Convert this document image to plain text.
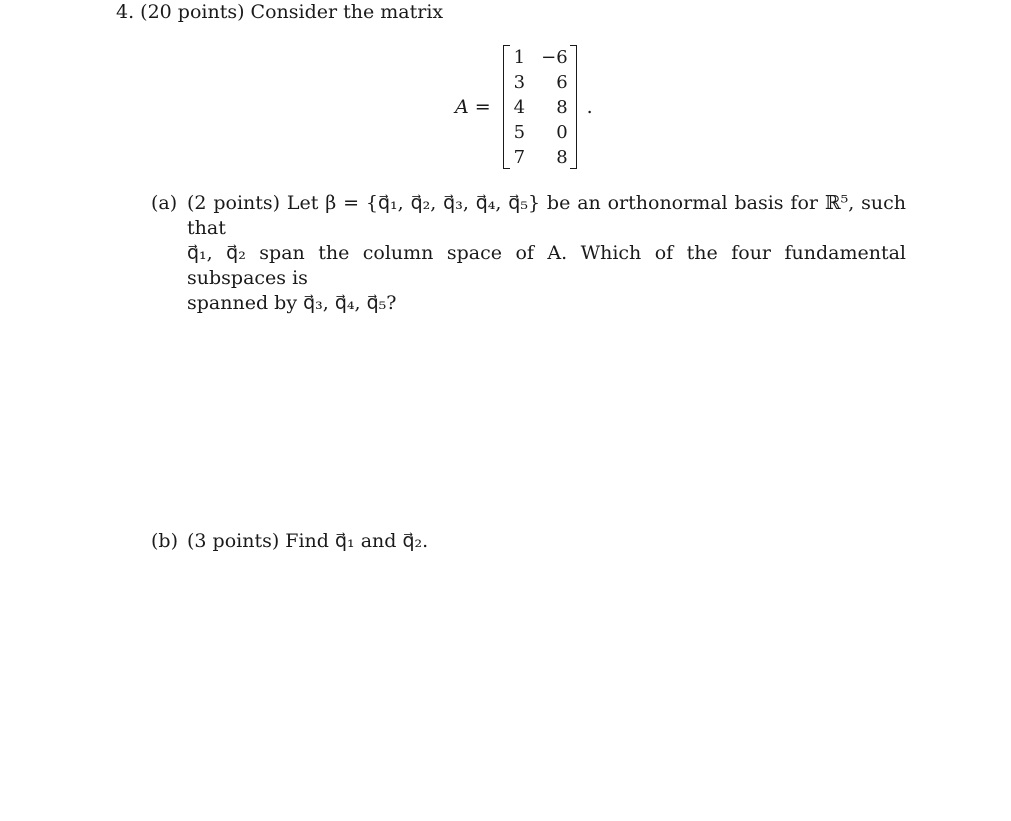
4. (20 points) Consider the matrix
A =
1 −6
3	6
4	8
5	0
7	8
.
(a) (2 points) Let β = {q⃗₁, q⃗₂, q⃗₃, q⃗₄, q⃗₅} be an orthonormal basis for ℝ⁵, such that
q⃗₁, q⃗₂ span the column space of A. Which of the four fundamental subspaces is
spanned by q⃗₃, q⃗₄, q⃗₅?
(b) (3 points) Find q⃗₁ and q⃗₂.
